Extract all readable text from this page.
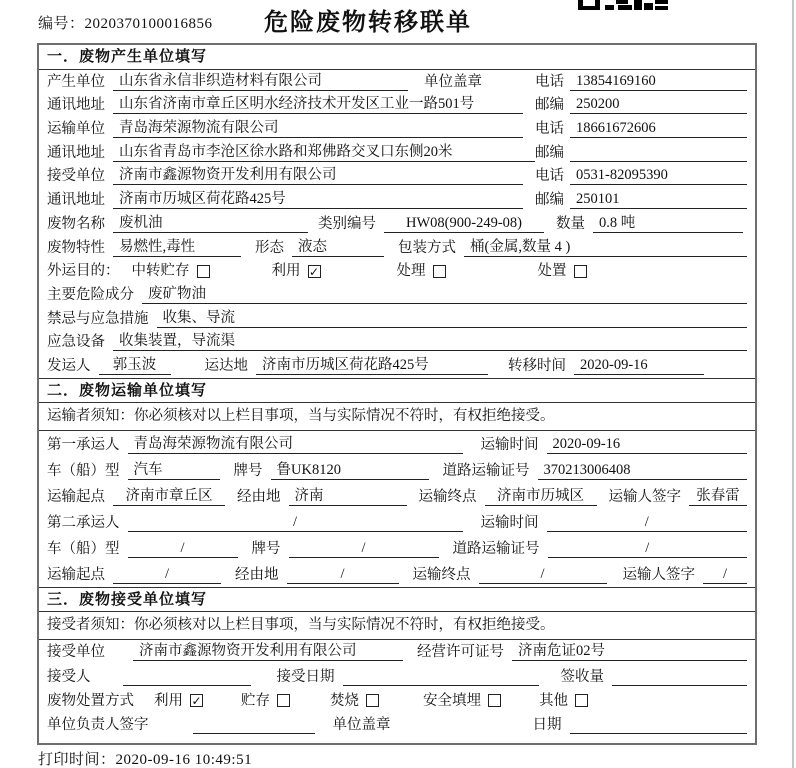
编号：2020370100016856	危险废物转移联单
一．废物产生单位填写
产生单位 山东省永信非织造材料有限公司	单位盖章	电话 13854169160
通讯地址 山东省济南市章丘区明水经济技术开发区工业一路501号	邮编 250200
运输单位 青岛海荣源物流有限公司	电话 18661672606
通讯地址 山东省青岛市李沧区徐水路和郑佛路交叉口东侧20米	邮编
接受单位 济南市鑫源物资开发利用有限公司	电话 0531-82095390
通讯地址 济南市历城区荷花路425号	邮编 250101
废物名称 废机油	类别编号	HW08(900-249-08)	数量 0.8 吨
废物特性 易燃性,毒性	形态 液态	包装方式 桶(金属,数量 4 )
外运目的： 中转贮存	利用 ✓	处理	处置
主要危险成分 废矿物油
禁忌与应急措施 收集、导流
应急设备 收集装置，导流渠
发运人	郭玉波	运达地 济南市历城区荷花路425号	转移时间 2020-09-16
二．废物运输单位填写
运输者须知：你必须核对以上栏目事项，当与实际情况不符时，有权拒绝接受。
第一承运人 青岛海荣源物流有限公司	运输时间 2020-09-16
车（船）型 汽车	牌号 鲁UK8120	道路运输证号 370213006408
运输起点	济南市章丘区	经由地 济南	运输终点	济南市历城区	运输人签字	张春雷
第二承运人	/	运输时间	/
车（船）型	/	牌号	/	道路运输证号	/
运输起点	/	经由地	/	运输终点	/	运输人签字	/
三．废物接受单位填写
接受者须知：你必须核对以上栏目事项，当与实际情况不符时，有权拒绝接受。
接受单位	济南市鑫源物资开发利用有限公司	经营许可证号 济南危证02号
接受人	接受日期	签收量
废物处置方式 利用 ✓	贮存	焚烧	安全填埋	其他
单位负责人签字	单位盖章	日期
打印时间：2020-09-16 10:49:51
